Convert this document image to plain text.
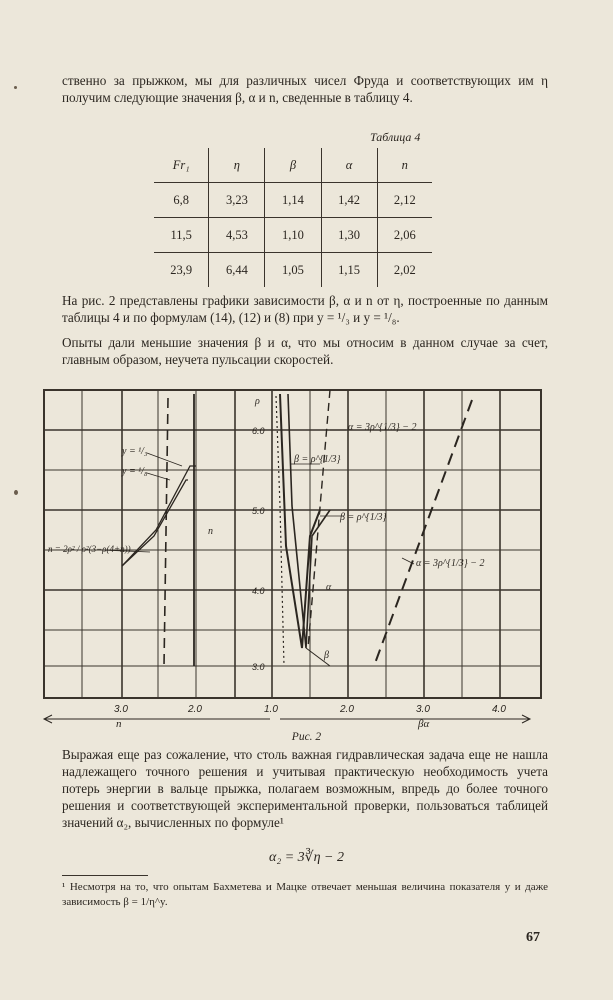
ственно за прыжком, мы для различных чисел Фруда и соответствующих им η получим следующие значения β, α и n, сведенные в таблицу 4.

Таблица 4
Fr₁	η	β	α	n
6,8	3,23	1,14	1,42	2,12
11,5	4,53	1,10	1,30	2,06
23,9	6,44	1,05	1,15	2,02

На рис. 2 представлены графики зависимости β, α и n от η, построенные по данным таблицы 4 и по формулам (14), (12) и (8) при y = ¹/₃ и y = ¹/₈.

Опыты дали меньшие значения β и α, что мы относим в данном случае за счет, главным образом, неучета пульсации скоростей.

y = ¹/₃
y = ¹/₈
n = 2ρ² / ρ²(3−ρ(4+n))
n
ρ
α = 3ρ^{1/3} − 2
β = ρ^{1/3}
β = ρ^{1/3}
α = 3ρ^{1/3} − 2
α
β
6.0
5.0
4.0
3.0
3.0	2.0	1.0	2.0	3.0	4.0
n	βα
Рис. 2

Выражая еще раз сожаление, что столь важная гидравлическая задача еще не нашла надлежащего точного решения и учитывая практическую необходимость учета потерь энергии в вальце прыжка, полагаем возможным, впредь до более точного решения и соответствующей экспериментальной проверки, пользоваться таблицей значений α₂, вычисленных по формуле¹

α₂ = 3∛η − 2

¹ Несмотря на то, что опытам Бахметева и Мацке отвечает меньшая величина показателя y и даже зависимость β = 1/η^y.

67
